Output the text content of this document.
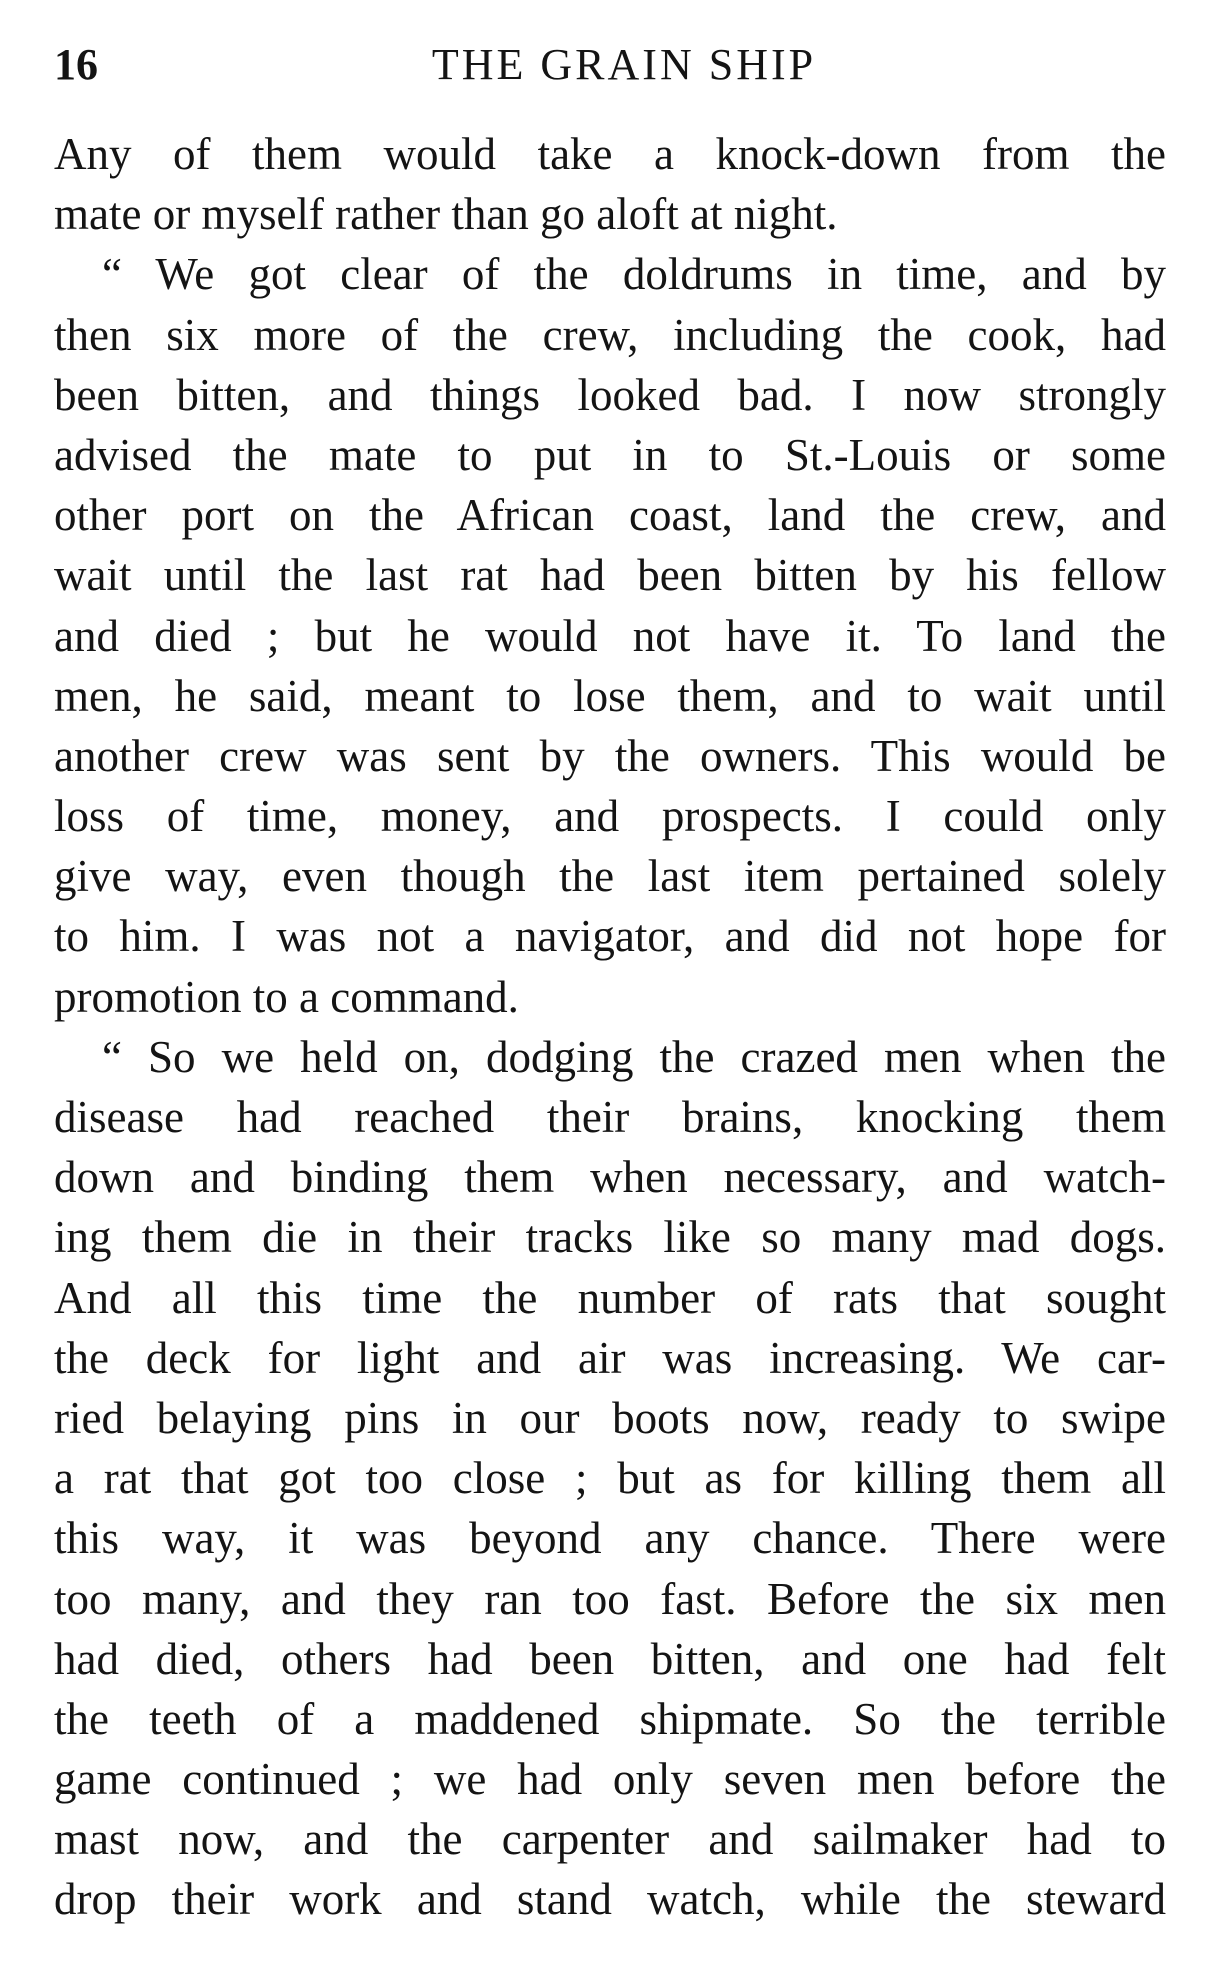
16	THE GRAIN SHIP
Any of them would take a knock-down from the
mate or myself rather than go aloft at night.
“ We got clear of the doldrums in time, and by
then six more of the crew, including the cook, had
been bitten, and things looked bad. I now strongly
advised the mate to put in to St.-Louis or some
other port on the African coast, land the crew, and
wait until the last rat had been bitten by his fellow
and died ; but he would not have it. To land the
men, he said, meant to lose them, and to wait until
another crew was sent by the owners. This would be
loss of time, money, and prospects. I could only
give way, even though the last item pertained solely
to him. I was not a navigator, and did not hope for
promotion to a command.
“ So we held on, dodging the crazed men when the
disease had reached their brains, knocking them
down and binding them when necessary, and watch-
ing them die in their tracks like so many mad dogs.
And all this time the number of rats that sought
the deck for light and air was increasing. We car-
ried belaying pins in our boots now, ready to swipe
a rat that got too close ; but as for killing them all
this way, it was beyond any chance. There were
too many, and they ran too fast. Before the six men
had died, others had been bitten, and one had felt
the teeth of a maddened shipmate. So the terrible
game continued ; we had only seven men before the
mast now, and the carpenter and sailmaker had to
drop their work and stand watch, while the steward
